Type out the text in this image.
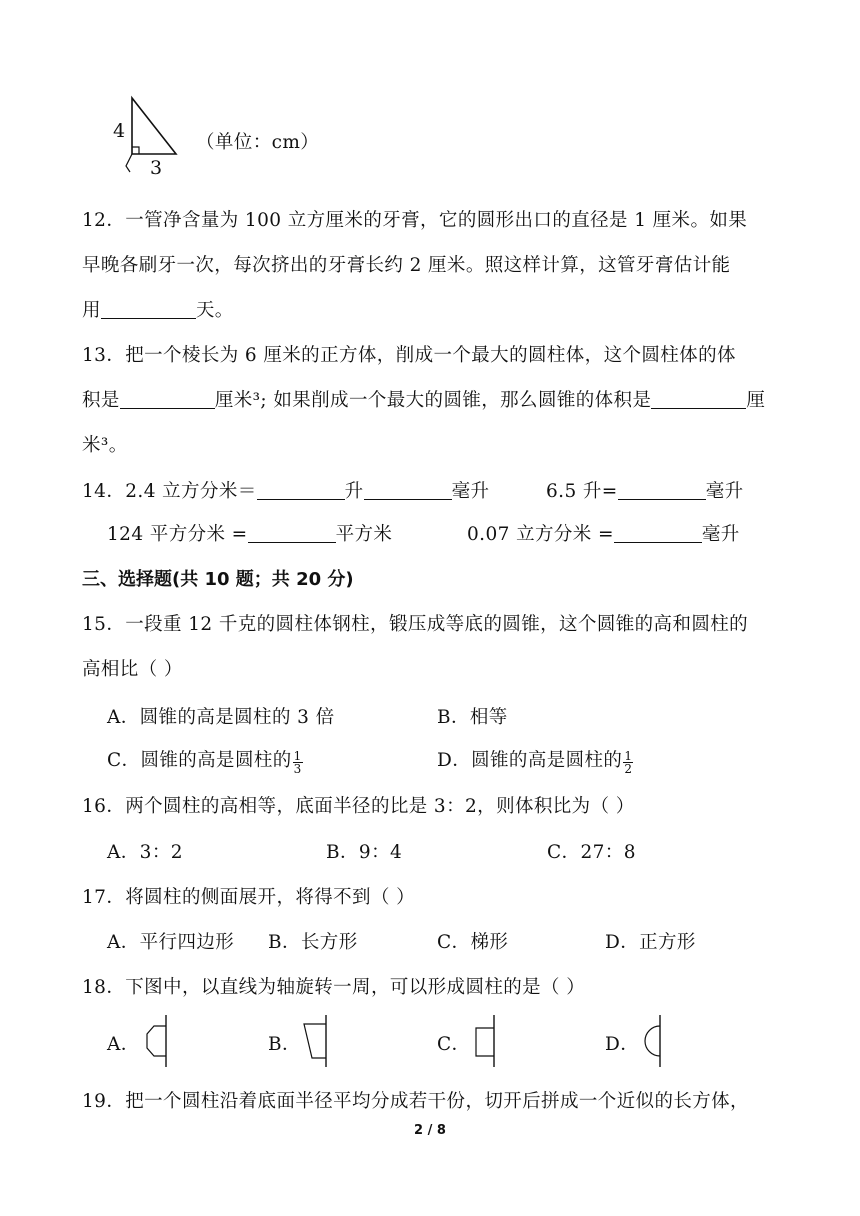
4
3
（单位：cm）
12．一管净含量为 100 立方厘米的牙膏，它的圆形出口的直径是 1 厘米。如果
早晚各刷牙一次，每次挤出的牙膏长约 2 厘米。照这样计算，这管牙膏估计能
用	天。
13．把一个棱长为 6 厘米的正方体，削成一个最大的圆柱体，这个圆柱体的体
积是	厘米³; 如果削成一个最大的圆锥，那么圆锥的体积是	厘
米³。
14．2.4 立方分米＝	升	毫升	6.5 升=	毫升
124 平方分米 =	平方米	0.07 立方分米 =	毫升
三、选择题(共 10 题；共 20 分)
15．一段重 12 千克的圆柱体钢柱，锻压成等底的圆锥，这个圆锥的高和圆柱的
高相比（ ）
A．圆锥的高是圆柱的 3 倍	B．相等
C．圆锥的高是圆柱的 $\frac{1}{3}$	D．圆锥的高是圆柱的 $\frac{1}{2}$
16．两个圆柱的高相等，底面半径的比是 3：2，则体积比为（ ）
A．3：2	B．9：4	C．27：8
17．将圆柱的侧面展开，将得不到（ ）
A．平行四边形 B．长方形	C．梯形	D．正方形
18．下图中，以直线为轴旋转一周，可以形成圆柱的是（ ）
A．	B．	C．	D．
19．把一个圆柱沿着底面半径平均分成若干份，切开后拼成一个近似的长方体，
2 / 8
